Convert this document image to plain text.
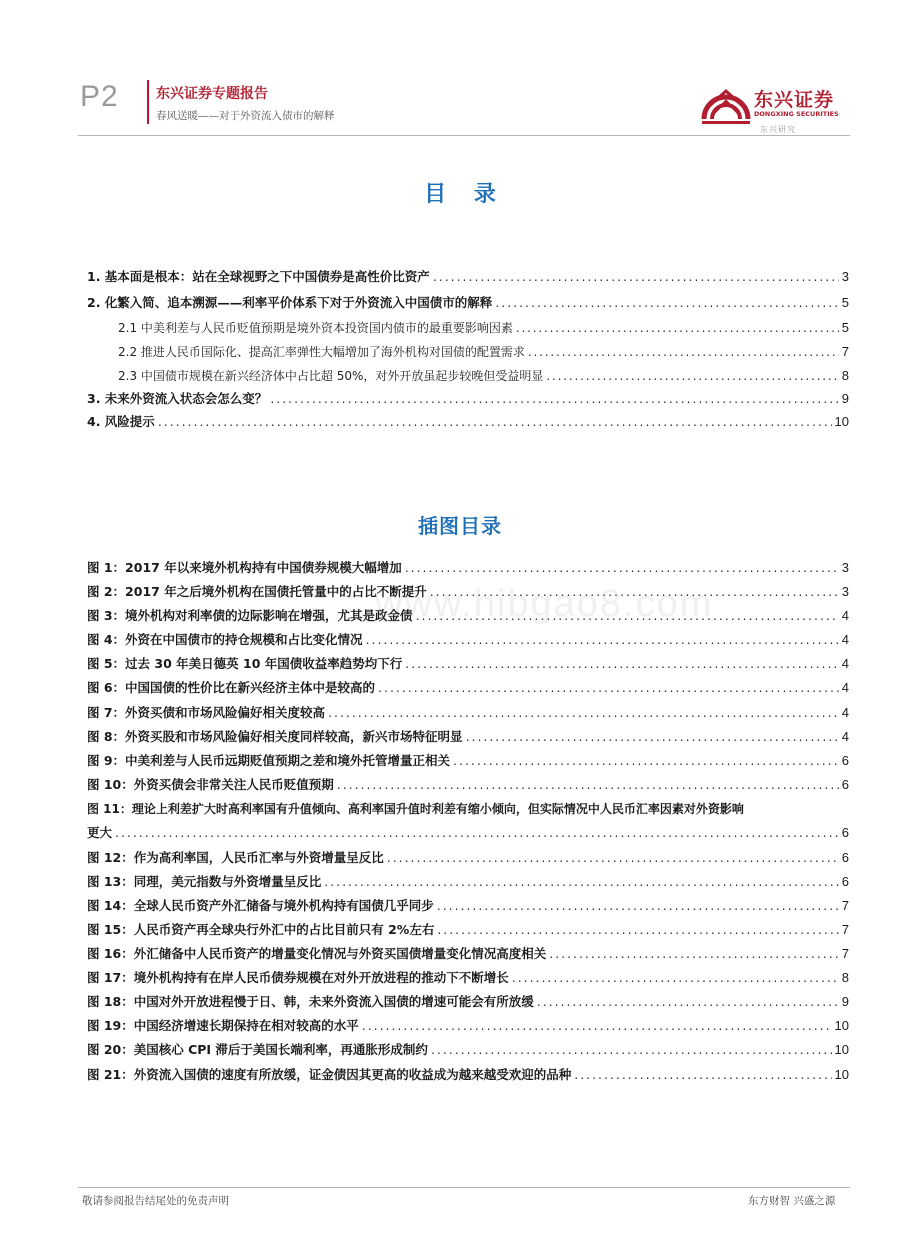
P2	东兴证券专题报告
春风送暖——对于外资流入债市的解释
东兴证券
DONGXING SECURITIES
东兴研究
目 录
1. 基本面是根本：站在全球视野之下中国债券是高性价比资产 . . .	3
2. 化繁入简、追本溯源——利率平价体系下对于外资流入中国债市的解释 . . .	5
2.1 中美利差与人民币贬值预期是境外资本投资国内债市的最重要影响因素 . . .	5
2.2 推进人民币国际化、提高汇率弹性大幅增加了海外机构对国债的配置需求 . . .	7
2.3 中国债市规模在新兴经济体中占比超 50%，对外开放虽起步较晚但受益明显 . . .	8
3. 未来外资流入状态会怎么变？ . . .	9
4. 风险提示 . . .	10
插图目录
图 1：2017 年以来境外机构持有中国债券规模大幅增加 . . .	3
图 2：2017 年之后境外机构在国债托管量中的占比不断提升 . . .	3
图 3：境外机构对利率债的边际影响在增强，尤其是政金债 . . .	4
图 4：外资在中国债市的持仓规模和占比变化情况 . . .	4
图 5：过去 30 年美日德英 10 年国债收益率趋势均下行 . . .	4
图 6：中国国债的性价比在新兴经济主体中是较高的 . . .	4
图 7：外资买债和市场风险偏好相关度较高 . . .	4
图 8：外资买股和市场风险偏好相关度同样较高，新兴市场特征明显 . . .	4
图 9：中美利差与人民币远期贬值预期之差和境外托管增量正相关 . . .	6
图 10：外资买债会非常关注人民币贬值预期 . . .	6
图 11：理论上利差扩大时高利率国有升值倾向、高利率国升值时利差有缩小倾向，但实际情况中人民币汇率因素对外资影响
更大 . . .	6
图 12：作为高利率国，人民币汇率与外资增量呈反比 . . .	6
图 13：同理，美元指数与外资增量呈反比 . . .	6
图 14：全球人民币资产外汇储备与境外机构持有国债几乎同步 . . .	7
图 15：人民币资产再全球央行外汇中的占比目前只有 2%左右 . . .	7
图 16：外汇储备中人民币资产的增量变化情况与外资买国债增量变化情况高度相关 . . .	7
图 17：境外机构持有在岸人民币债券规模在对外开放进程的推动下不断增长 . . .	8
图 18：中国对外开放进程慢于日、韩，未来外资流入国债的增速可能会有所放缓 . . .	9
图 19：中国经济增速长期保持在相对较高的水平 . . .	10
图 20：美国核心 CPI 滞后于美国长端利率，再通胀形成制约 . . .	10
图 21：外资流入国债的速度有所放缓，证金债因其更高的收益成为越来越受欢迎的品种 . . .	10
www.hibgao8.com
敬请参阅报告结尾处的免责声明	东方财智 兴盛之源
